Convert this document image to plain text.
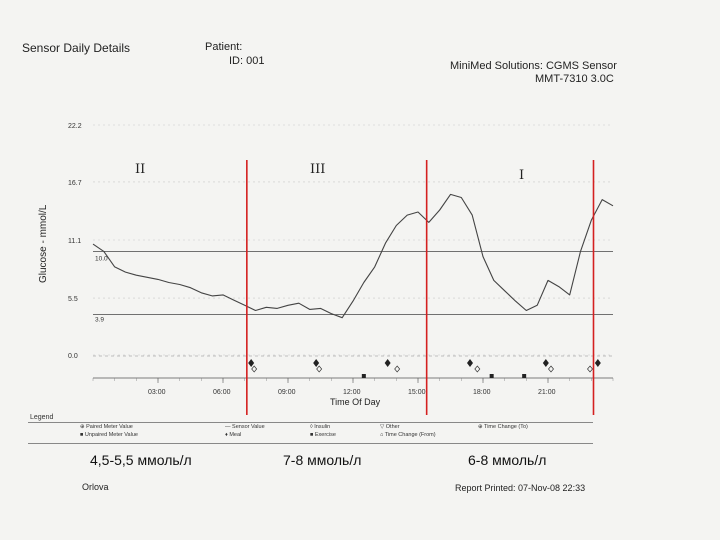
Sensor Daily Details	Patient:
ID: 001	MiniMed Solutions: CGMS Sensor
MMT-7310 3.0C
Glucose - mmol/L
22.2
16.7
11.1
5.5
0.0
10.0
3.9
03:00	06:00	09:00	12:00	15:00	18:00	21:00
II	III	I
Time Of Day
Legend
⊕ Paired Meter Value
■ Unpaired Meter Value
— Sensor Value
♦ Meal
◊ Insulin
■ Exercise
▽ Other
⌂ Time Change (From)
⊕ Time Change (To)
4,5-5,5 ммоль/л	7-8 ммоль/л	6-8 ммоль/л
Orlova	Report Printed: 07-Nov-08 22:33
